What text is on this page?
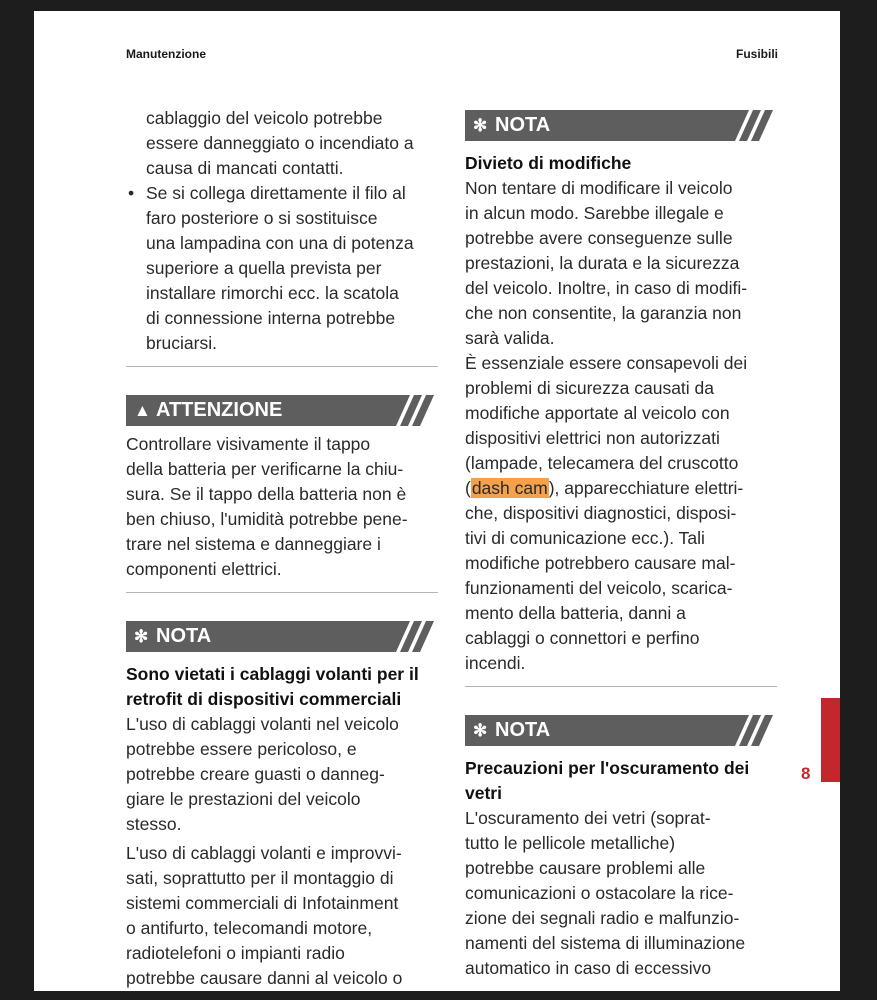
Manutenzione	Fusibili

cablaggio del veicolo potrebbe

essere danneggiato o incendiato a

causa di mancati contatti.

• Se si collega direttamente il filo al

faro posteriore o si sostituisce

una lampadina con una di potenza

superiore a quella prevista per

installare rimorchi ecc. la scatola

di connessione interna potrebbe

bruciarsi.

▲ ATTENZIONE

Controllare visivamente il tappo

della batteria per verificarne la chiu-

sura. Se il tappo della batteria non è

ben chiuso, l'umidità potrebbe pene-

trare nel sistema e danneggiare i

componenti elettrici.

✻ NOTA

Sono vietati i cablaggi volanti per il

retrofit di dispositivi commerciali

L'uso di cablaggi volanti nel veicolo

potrebbe essere pericoloso, e

potrebbe creare guasti o danneg-

giare le prestazioni del veicolo

stesso.

L'uso di cablaggi volanti e improvvi-

sati, soprattutto per il montaggio di

sistemi commerciali di Infotainment

o antifurto, telecomandi motore,

radiotelefoni o impianti radio

potrebbe causare danni al veicolo o

✻ NOTA

Divieto di modifiche

Non tentare di modificare il veicolo

in alcun modo. Sarebbe illegale e

potrebbe avere conseguenze sulle

prestazioni, la durata e la sicurezza

del veicolo. Inoltre, in caso di modifi-

che non consentite, la garanzia non

sarà valida.

È essenziale essere consapevoli dei

problemi di sicurezza causati da

modifiche apportate al veicolo con

dispositivi elettrici non autorizzati

(lampade, telecamera del cruscotto

(dash cam), apparecchiature elettri-

che, dispositivi diagnostici, disposi-

tivi di comunicazione ecc.). Tali

modifiche potrebbero causare mal-

funzionamenti del veicolo, scarica-

mento della batteria, danni a

cablaggi o connettori e perfino

incendi.

✻ NOTA

Precauzioni per l'oscuramento dei

vetri

L'oscuramento dei vetri (soprat-

tutto le pellicole metalliche)

potrebbe causare problemi alle

comunicazioni o ostacolare la rice-

zione dei segnali radio e malfunzio-

namenti del sistema di illuminazione

automatico in caso di eccessivo

8
